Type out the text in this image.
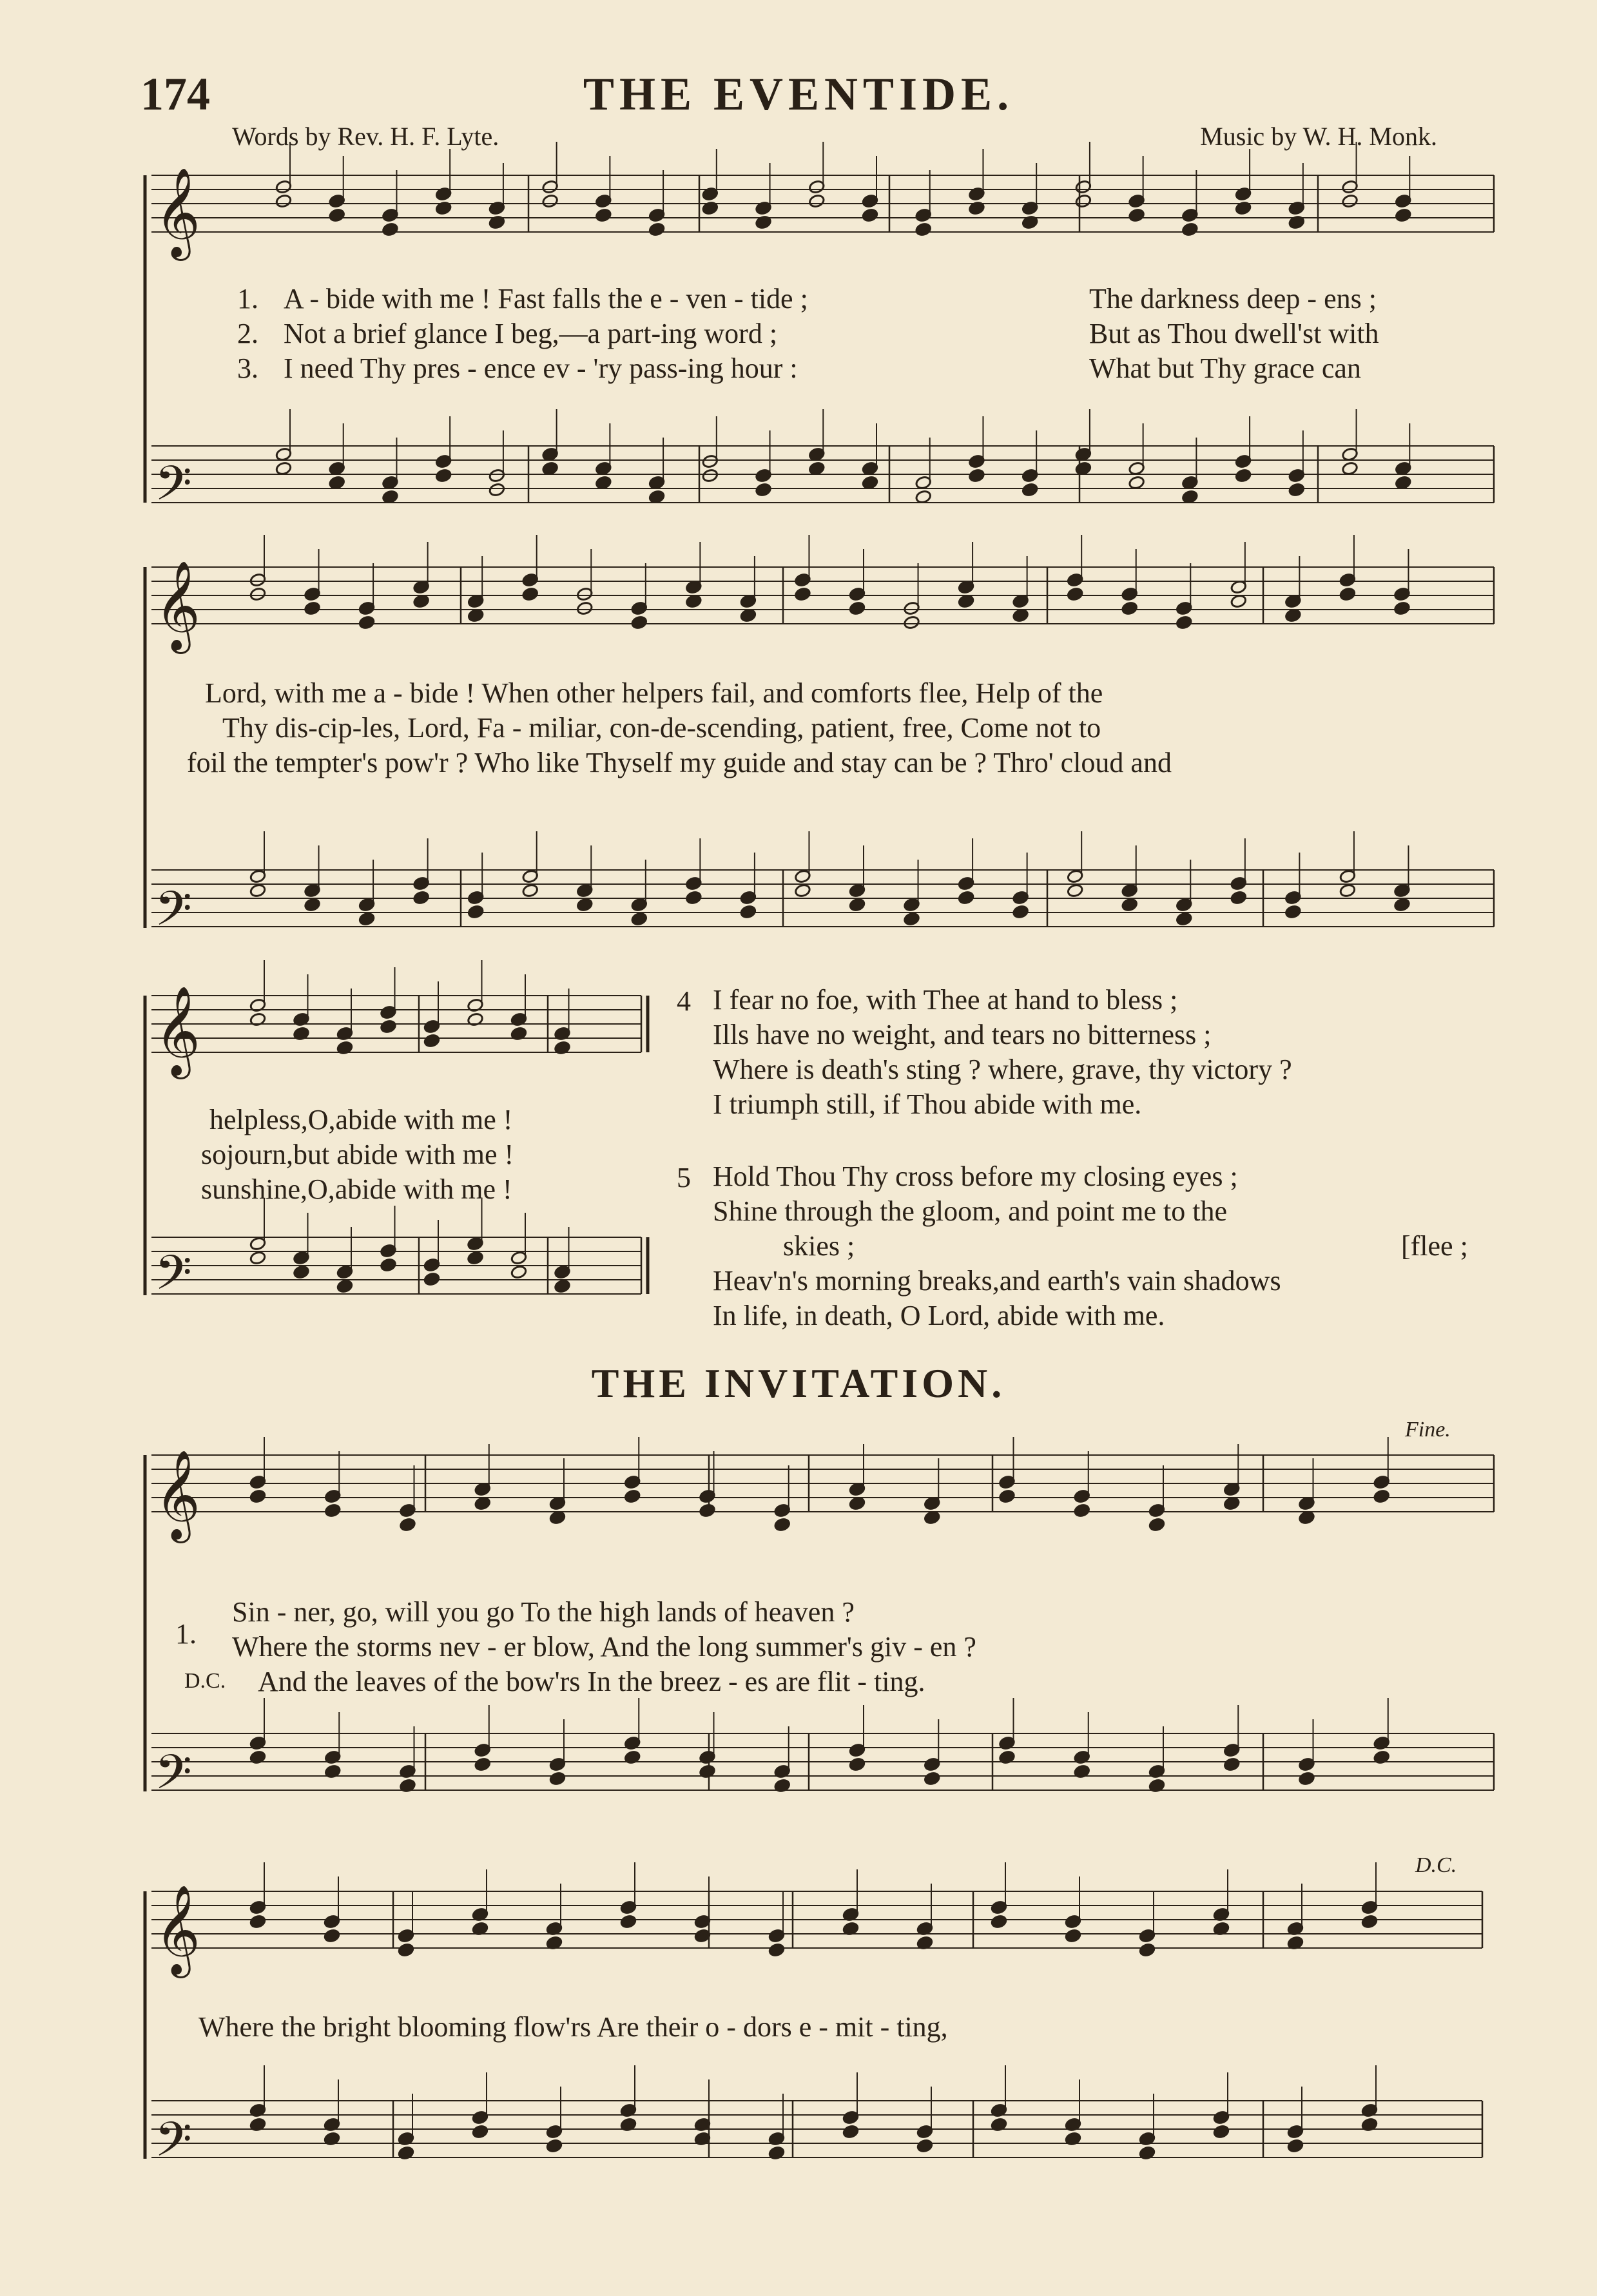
𝄞
𝄢
𝄞
𝄢
𝄞
𝄢
𝄞
𝄢
𝄞
𝄢
174	THE EVENTIDE.
Words by Rev. H. F. Lyte.	Music by W. H. Monk.
1. A - bide with me ! Fast falls the e - ven - tide ;	The darkness deep - ens ;
2. Not a brief glance I beg,—a part-ing word ;	But as Thou dwell'st with
3. I need Thy pres - ence ev - 'ry pass-ing hour :	What but Thy grace can
Lord, with me a - bide ! When other helpers fail, and comforts flee, Help of the
Thy dis-cip-les, Lord, Fa - miliar, con-de-scending, patient, free, Come not to
foil the tempter's pow'r ? Who like Thyself my guide and stay can be ? Thro' cloud and
helpless,O,abide with me !
sojourn,but abide with me !
sunshine,O,abide with me !
4 I fear no foe, with Thee at hand to bless ;
Ills have no weight, and tears no bitterness ;
Where is death's sting ? where, grave, thy victory ?
I triumph still, if Thou abide with me.
5 Hold Thou Thy cross before my closing eyes ;
Shine through the gloom, and point me to the
skies ;	[flee ;
Heav'n's morning breaks,and earth's vain shadows
In life, in death, O Lord, abide with me.
THE INVITATION.
Fine.
D.C.
1.
Sin - ner, go, will you go To the high lands of heaven ?
Where the storms nev - er blow, And the long summer's giv - en ?
D.C. And the leaves of the bow'rs In the breez - es are flit - ting.
Where the bright blooming flow'rs Are their o - dors e - mit - ting,
